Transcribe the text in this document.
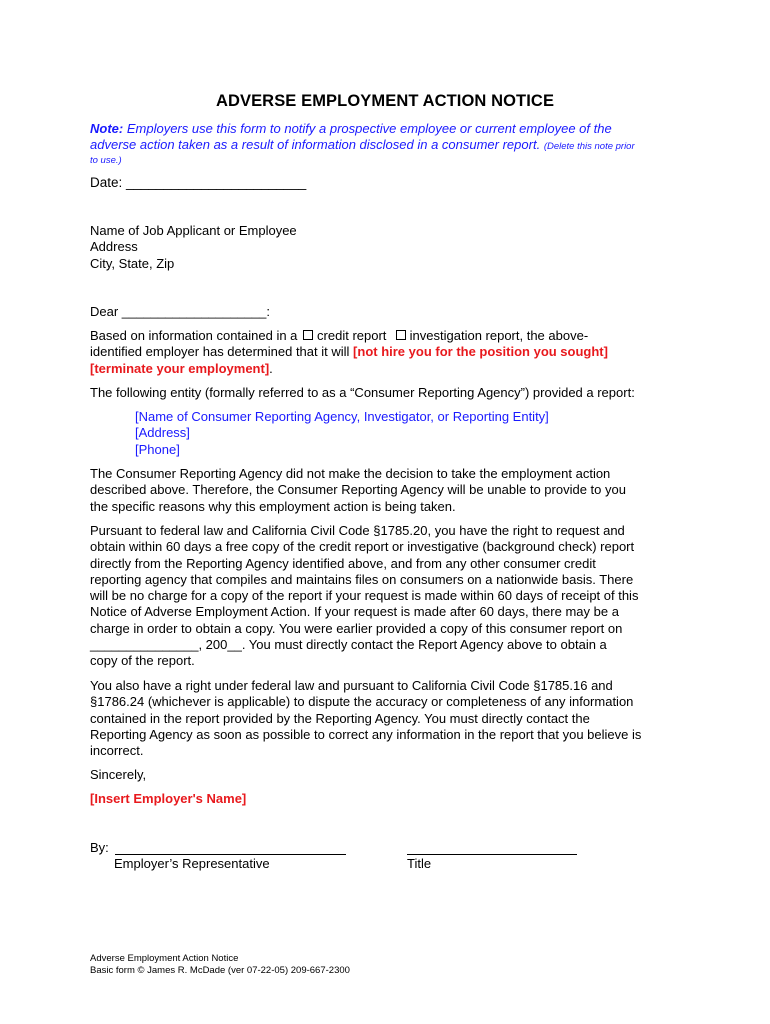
ADVERSE EMPLOYMENT ACTION NOTICE
Note: Employers use this form to notify a prospective employee or current employee of the
adverse action taken as a result of information disclosed in a consumer report. (Delete this note prior
to use.)
Date: ________________________
Name of Job Applicant or Employee
Address
City, State, Zip
Dear ____________________:
Based on information contained in a credit report investigation report, the above-
identified employer has determined that it will [not hire you for the position you sought]
[terminate your employment].
The following entity (formally referred to as a “Consumer Reporting Agency”) provided a report:
[Name of Consumer Reporting Agency, Investigator, or Reporting Entity]
[Address]
[Phone]
The Consumer Reporting Agency did not make the decision to take the employment action
described above. Therefore, the Consumer Reporting Agency will be unable to provide to you
the specific reasons why this employment action is being taken.
Pursuant to federal law and California Civil Code §1785.20, you have the right to request and
obtain within 60 days a free copy of the credit report or investigative (background check) report
directly from the Reporting Agency identified above, and from any other consumer credit
reporting agency that compiles and maintains files on consumers on a nationwide basis. There
will be no charge for a copy of the report if your request is made within 60 days of receipt of this
Notice of Adverse Employment Action. If your request is made after 60 days, there may be a
charge in order to obtain a copy. You were earlier provided a copy of this consumer report on
_______________, 200__. You must directly contact the Report Agency above to obtain a
copy of the report.
You also have a right under federal law and pursuant to California Civil Code §1785.16 and
§1786.24 (whichever is applicable) to dispute the accuracy or completeness of any information
contained in the report provided by the Reporting Agency. You must directly contact the
Reporting Agency as soon as possible to correct any information in the report that you believe is
incorrect.
Sincerely,
[Insert Employer's Name]
By:
Employer’s Representative	Title
Adverse Employment Action Notice
Basic form © James R. McDade (ver 07-22-05) 209-667-2300
